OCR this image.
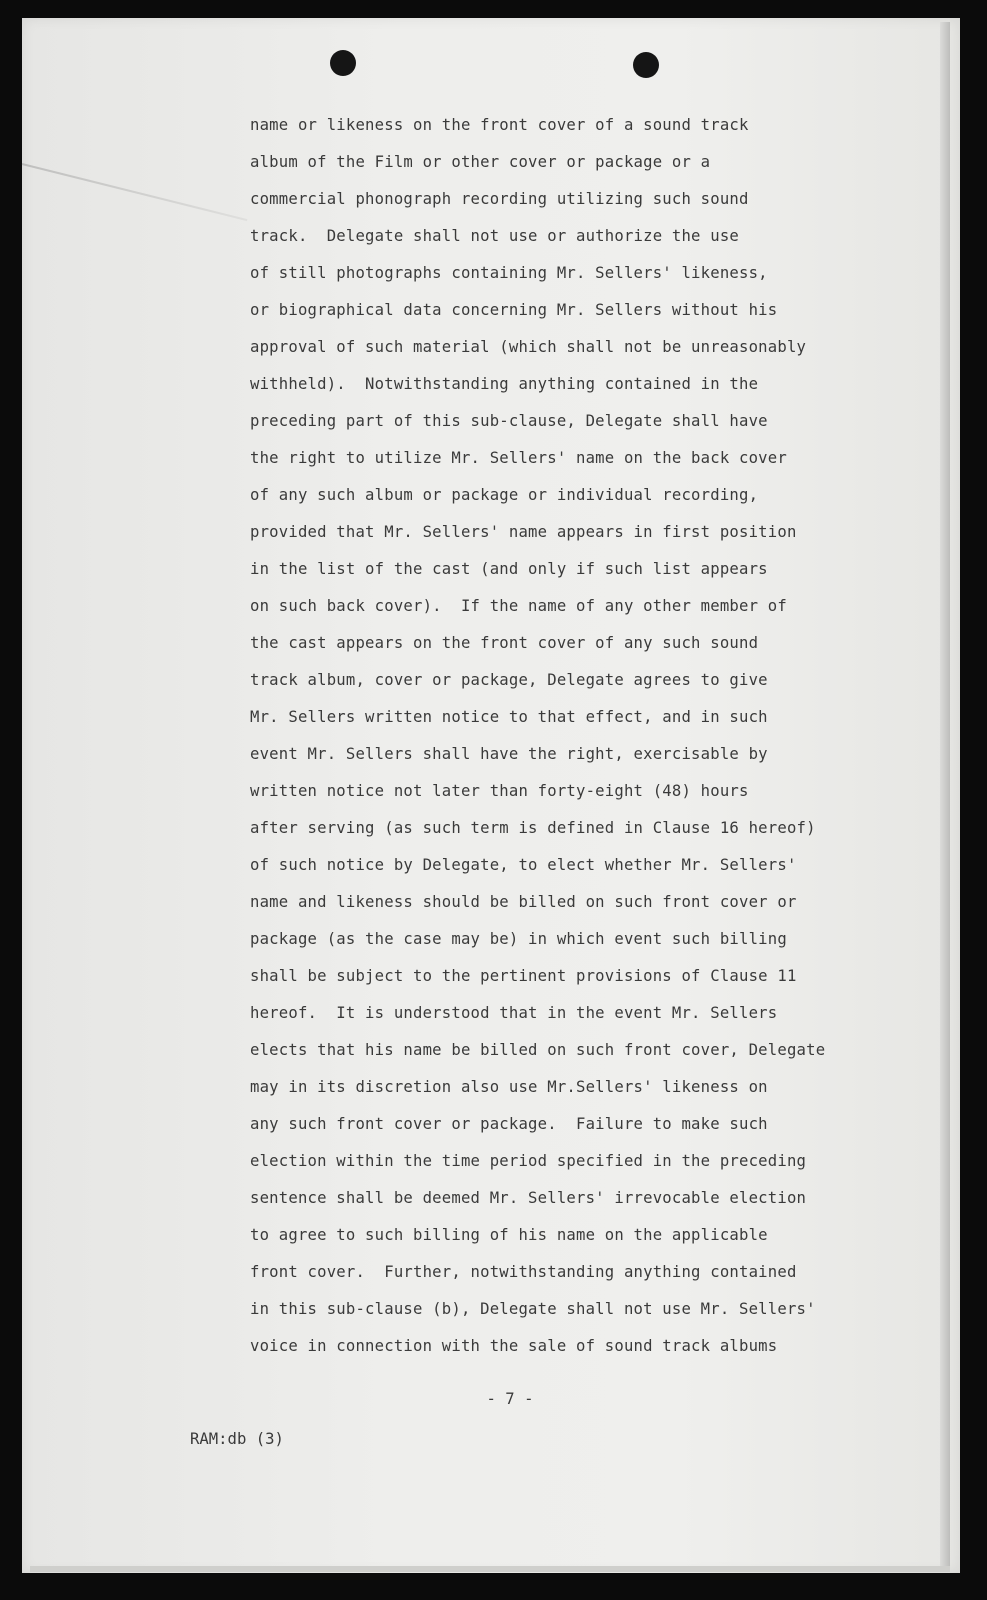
name or likeness on the front cover of a sound track
album of the Film or other cover or package or a
commercial phonograph recording utilizing such sound
track.  Delegate shall not use or authorize the use
of still photographs containing Mr. Sellers' likeness,
or biographical data concerning Mr. Sellers without his
approval of such material (which shall not be unreasonably
withheld).  Notwithstanding anything contained in the
preceding part of this sub-clause, Delegate shall have
the right to utilize Mr. Sellers' name on the back cover
of any such album or package or individual recording,
provided that Mr. Sellers' name appears in first position
in the list of the cast (and only if such list appears
on such back cover).  If the name of any other member of
the cast appears on the front cover of any such sound
track album, cover or package, Delegate agrees to give
Mr. Sellers written notice to that effect, and in such
event Mr. Sellers shall have the right, exercisable by
written notice not later than forty-eight (48) hours
after serving (as such term is defined in Clause 16 hereof)
of such notice by Delegate, to elect whether Mr. Sellers'
name and likeness should be billed on such front cover or
package (as the case may be) in which event such billing
shall be subject to the pertinent provisions of Clause 11
hereof.  It is understood that in the event Mr. Sellers
elects that his name be billed on such front cover, Delegate
may in its discretion also use Mr.Sellers' likeness on
any such front cover or package.  Failure to make such
election within the time period specified in the preceding
sentence shall be deemed Mr. Sellers' irrevocable election
to agree to such billing of his name on the applicable
front cover.  Further, notwithstanding anything contained
in this sub-clause (b), Delegate shall not use Mr. Sellers'
voice in connection with the sale of sound track albums
- 7 -
RAM:db (3)
